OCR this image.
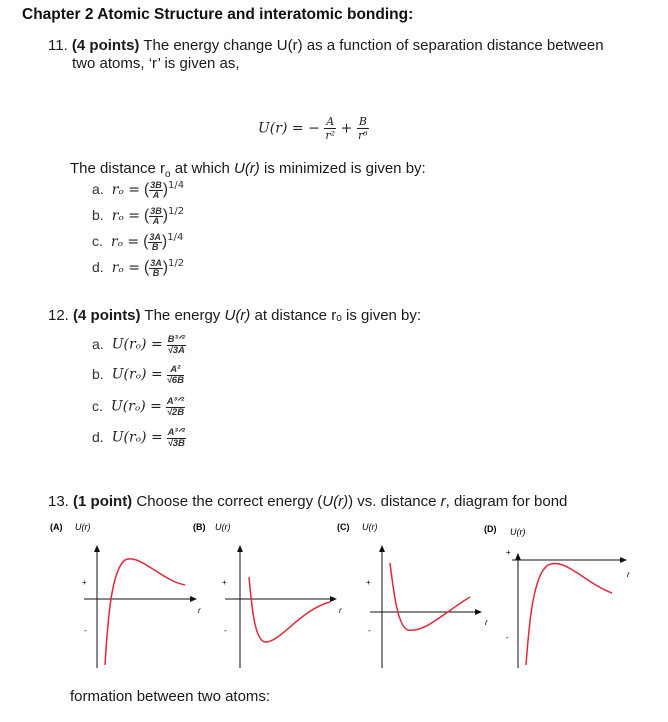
Chapter 2 Atomic Structure and interatomic bonding:
11. (4 points) The energy change U(r) as a function of separation distance between
two atoms, ‘r’ is given as,
U(r) = − $\frac{A}{\text{r²}} + \frac{B}{\text{r⁶}}$
The distance $r_o$ at which U(r) is minimized is given by:
a. rₒ = ( $\frac{3B}{A} )^{1/4}$
b. rₒ = ( $\frac{3B}{A} )^{1/2}$
c. rₒ = ( $\frac{3A}{B} )^{1/4}$
d. rₒ = ( $\frac{3A}{B} )^{1/2}$
12. (4 points) The energy U(r) at distance rₒ is given by:
a. U(rₒ) = B³ᐟ²
√3A
b. $U(r_o) = \frac{\text{A²}}{√6B}$
c. U(rₒ) = A³ᐟ²
√2B
d. U(rₒ) = A³ᐟ²
√3B
13. (1 point) Choose the correct energy (U(r)) vs. distance r, diagram for bond
(A) U(r)
r
+
-
(B) U(r)
r
+
-
(C) U(r)
r
+
-
(D) U(r)
r
+
-
formation between two atoms:
